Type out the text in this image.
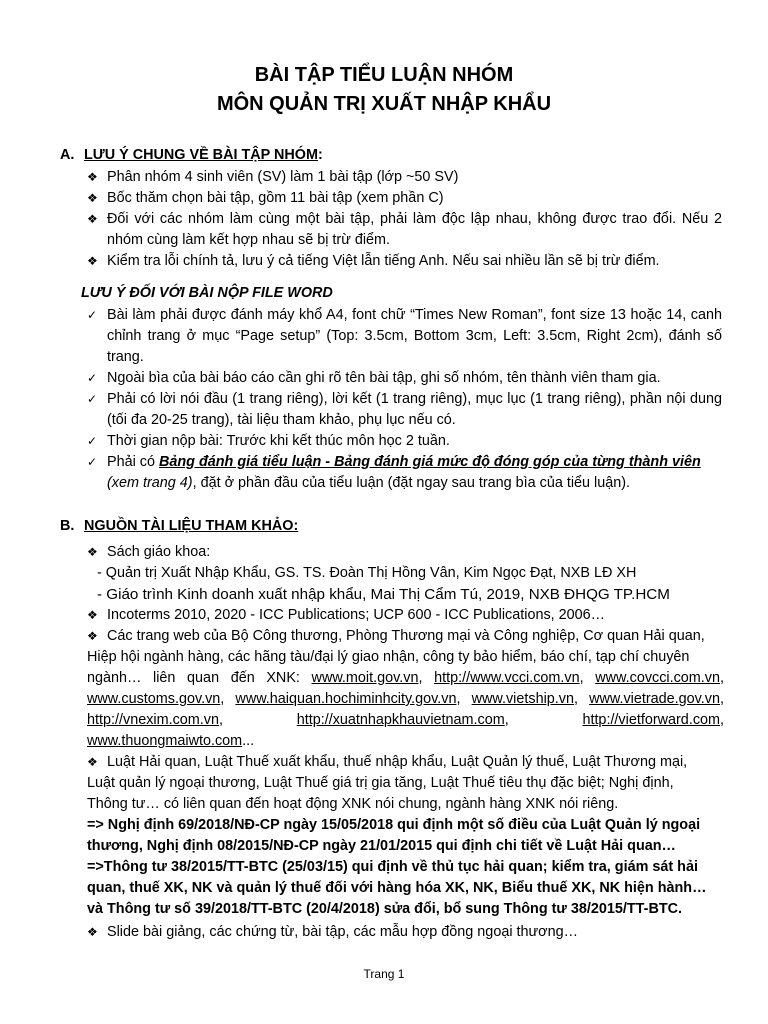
BÀI TẬP TIỂU LUẬN NHÓM
MÔN QUẢN TRỊ XUẤT NHẬP KHẨU
A. LƯU Ý CHUNG VỀ BÀI TẬP NHÓM:
❖ Phân nhóm 4 sinh viên (SV) làm 1 bài tập (lớp ~50 SV)
❖ Bốc thăm chọn bài tập, gồm 11 bài tập (xem phần C)
❖ Đối với các nhóm làm cùng một bài tập, phải làm độc lập nhau, không được trao đổi. Nếu 2 nhóm cùng làm kết hợp nhau sẽ bị trừ điểm.
❖ Kiểm tra lỗi chính tả, lưu ý cả tiếng Việt lẫn tiếng Anh. Nếu sai nhiều lần sẽ bị trừ điểm.
LƯU Ý ĐỐI VỚI BÀI NỘP FILE WORD
✓ Bài làm phải được đánh máy khổ A4, font chữ “Times New Roman”, font size 13 hoặc 14, canh chỉnh trang ở mục “Page setup” (Top: 3.5cm, Bottom 3cm, Left: 3.5cm, Right 2cm), đánh số trang.
✓ Ngoài bìa của bài báo cáo cần ghi rõ tên bài tập, ghi số nhóm, tên thành viên tham gia.
✓ Phải có lời nói đầu (1 trang riêng), lời kết (1 trang riêng), mục lục (1 trang riêng), phần nội dung (tối đa 20-25 trang), tài liệu tham khảo, phụ lục nếu có.
✓ Thời gian nộp bài: Trước khi kết thúc môn học 2 tuần.
✓ Phải có Bảng đánh giá tiểu luận - Bảng đánh giá mức độ đóng góp của từng thành viên (xem trang 4), đặt ở phần đầu của tiểu luận (đặt ngay sau trang bìa của tiểu luận).
B. NGUỒN TÀI LIỆU THAM KHẢO:
❖ Sách giáo khoa:
- Quản trị Xuất Nhập Khẩu, GS. TS. Đoàn Thị Hồng Vân, Kim Ngọc Đạt, NXB LĐ XH
- Giáo trình Kinh doanh xuất nhập khẩu, Mai Thị Cẩm Tú, 2019, NXB ĐHQG TP.HCM
❖ Incoterms 2010, 2020 - ICC Publications; UCP 600 - ICC Publications, 2006…
❖ Các trang web của Bộ Công thương, Phòng Thương mại và Công nghiệp, Cơ quan Hải quan,
Hiệp hội ngành hàng, các hãng tàu/đại lý giao nhận, công ty bảo hiểm, báo chí, tạp chí chuyên
ngành… liên quan đến XNK: www.moit.gov.vn, http://www.vcci.com.vn, www.covcci.com.vn,
www.customs.gov.vn, www.haiquan.hochiminhcity.gov.vn, www.vietship.vn, www.vietrade.gov.vn,
http://vnexim.com.vn, http://xuatnhapkhauvietnam.com, http://vietforward.com,
www.thuongmaiwto.com...
❖ Luật Hải quan, Luật Thuế xuất khẩu, thuế nhập khẩu, Luật Quản lý thuế, Luật Thương mại,
Luật quản lý ngoại thương, Luật Thuế giá trị gia tăng, Luật Thuế tiêu thụ đặc biệt; Nghị định,
Thông tư… có liên quan đến hoạt động XNK nói chung, ngành hàng XNK nói riêng.
=> Nghị định 69/2018/NĐ-CP ngày 15/05/2018 qui định một số điều của Luật Quản lý ngoại
thương, Nghị định 08/2015/NĐ-CP ngày 21/01/2015 qui định chi tiết về Luật Hải quan…
=>Thông tư 38/2015/TT-BTC (25/03/15) qui định về thủ tục hải quan; kiểm tra, giám sát hải
quan, thuế XK, NK và quản lý thuế đối với hàng hóa XK, NK, Biểu thuế XK, NK hiện hành…
và Thông tư số 39/2018/TT-BTC (20/4/2018) sửa đổi, bổ sung Thông tư 38/2015/TT-BTC.
❖ Slide bài giảng, các chứng từ, bài tập, các mẫu hợp đồng ngoại thương…
Trang 1
